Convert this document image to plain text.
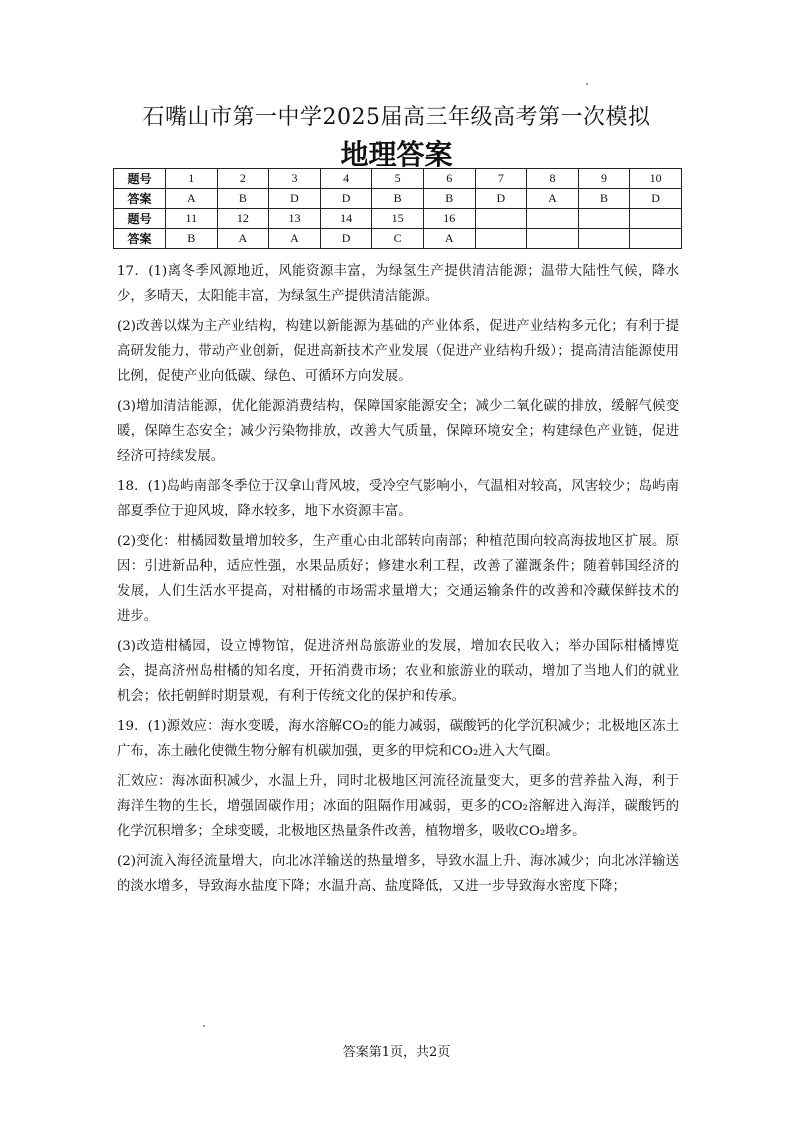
石嘴山市第一中学2025届高三年级高考第一次模拟
地理答案
题号	1	2	3	4	5	6	7	8	9	10
答案	A	B	D	D	B	B	D	A	B	D
题号	11	12	13	14	15	16				
答案	B	A	A	D	C	A				

17．(1)离冬季风源地近，风能资源丰富，为绿氢生产提供清洁能源；温带大陆性气候，降水少，多晴天，太阳能丰富，为绿氢生产提供清洁能源。

(2)改善以煤为主产业结构，构建以新能源为基础的产业体系，促进产业结构多元化；有利于提高研发能力，带动产业创新，促进高新技术产业发展（促进产业结构升级）；提高清洁能源使用比例，促使产业向低碳、绿色、可循环方向发展。

(3)增加清洁能源，优化能源消费结构，保障国家能源安全；减少二氧化碳的排放，缓解气候变暖，保障生态安全；减少污染物排放，改善大气质量，保障环境安全；构建绿色产业链，促进经济可持续发展。

18．(1)岛屿南部冬季位于汉拿山背风坡，受冷空气影响小，气温相对较高，风害较少；岛屿南部夏季位于迎风坡，降水较多，地下水资源丰富。

(2)变化：柑橘园数量增加较多，生产重心由北部转向南部；种植范围向较高海拔地区扩展。原因：引进新品种，适应性强，水果品质好；修建水利工程，改善了灌溉条件；随着韩国经济的发展，人们生活水平提高，对柑橘的市场需求量增大；交通运输条件的改善和冷藏保鲜技术的进步。

(3)改造柑橘园，设立博物馆，促进济州岛旅游业的发展，增加农民收入；举办国际柑橘博览会，提高济州岛柑橘的知名度，开拓消费市场；农业和旅游业的联动，增加了当地人们的就业机会；依托朝鲜时期景观，有利于传统文化的保护和传承。

19．(1)源效应：海水变暖，海水溶解CO₂的能力减弱，碳酸钙的化学沉积减少；北极地区冻土广布，冻土融化使微生物分解有机碳加强，更多的甲烷和CO₂进入大气圈。

汇效应：海冰面积减少，水温上升，同时北极地区河流径流量变大，更多的营养盐入海，利于海洋生物的生长，增强固碳作用；冰面的阻隔作用减弱，更多的CO₂溶解进入海洋，碳酸钙的化学沉积增多；全球变暖，北极地区热量条件改善，植物增多，吸收CO₂增多。

(2)河流入海径流量增大，向北冰洋输送的热量增多，导致水温上升、海冰减少；向北冰洋输送的淡水增多，导致海水盐度下降；水温升高、盐度降低，又进一步导致海水密度下降；

答案第1页，共2页
